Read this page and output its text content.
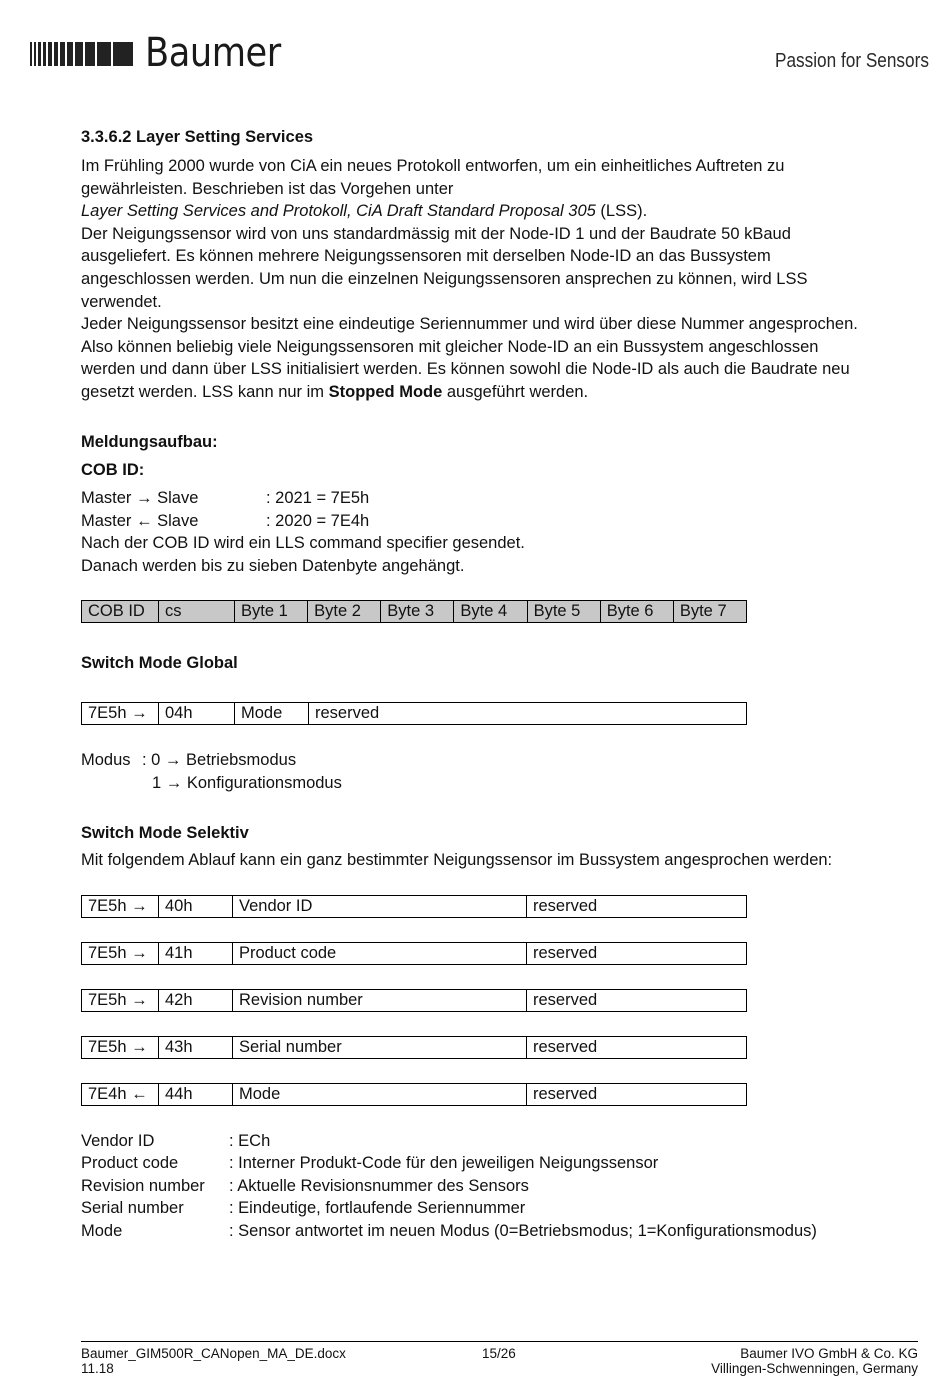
Baumer	Passion for Sensors
3.3.6.2 Layer Setting Services
Im Frühling 2000 wurde von CiA ein neues Protokoll entworfen, um ein einheitliches Auftreten zu
gewährleisten. Beschrieben ist das Vorgehen unter
Layer Setting Services and Protokoll, CiA Draft Standard Proposal 305 (LSS).
Der Neigungssensor wird von uns standardmässig mit der Node-ID 1 und der Baudrate 50 kBaud
ausgeliefert. Es können mehrere Neigungssensoren mit derselben Node-ID an das Bussystem
angeschlossen werden. Um nun die einzelnen Neigungssensoren ansprechen zu können, wird LSS
verwendet.
Jeder Neigungssensor besitzt eine eindeutige Seriennummer und wird über diese Nummer angesprochen.
Also können beliebig viele Neigungssensoren mit gleicher Node-ID an ein Bussystem angeschlossen
werden und dann über LSS initialisiert werden. Es können sowohl die Node-ID als auch die Baudrate neu
gesetzt werden. LSS kann nur im Stopped Mode ausgeführt werden.
Meldungsaufbau:
COB ID:
Master → Slave	: 2021 = 7E5h
Master ← Slave	: 2020 = 7E4h
Nach der COB ID wird ein LLS command specifier gesendet.
Danach werden bis zu sieben Datenbyte angehängt.
COB ID	cs	Byte 1	Byte 2	Byte 3	Byte 4	Byte 5	Byte 6	Byte 7
Switch Mode Global
7E5h →	04h	Mode	reserved
Modus : 0 → Betriebsmodus
1 → Konfigurationsmodus
Switch Mode Selektiv
Mit folgendem Ablauf kann ein ganz bestimmter Neigungssensor im Bussystem angesprochen werden:
7E5h →	40h	Vendor ID	reserved
7E5h →	41h	Product code	reserved
7E5h →	42h	Revision number	reserved
7E5h →	43h	Serial number	reserved
7E4h ←	44h	Mode	reserved
Vendor ID	: ECh
Product code	: Interner Produkt-Code für den jeweiligen Neigungssensor
Revision number : Aktuelle Revisionsnummer des Sensors
Serial number	: Eindeutige, fortlaufende Seriennummer
Mode	: Sensor antwortet im neuen Modus (0=Betriebsmodus; 1=Konfigurationsmodus)
Baumer_GIM500R_CANopen_MA_DE.docx
11.18
15/26	Baumer IVO GmbH & Co. KG
Villingen-Schwenningen, Germany
